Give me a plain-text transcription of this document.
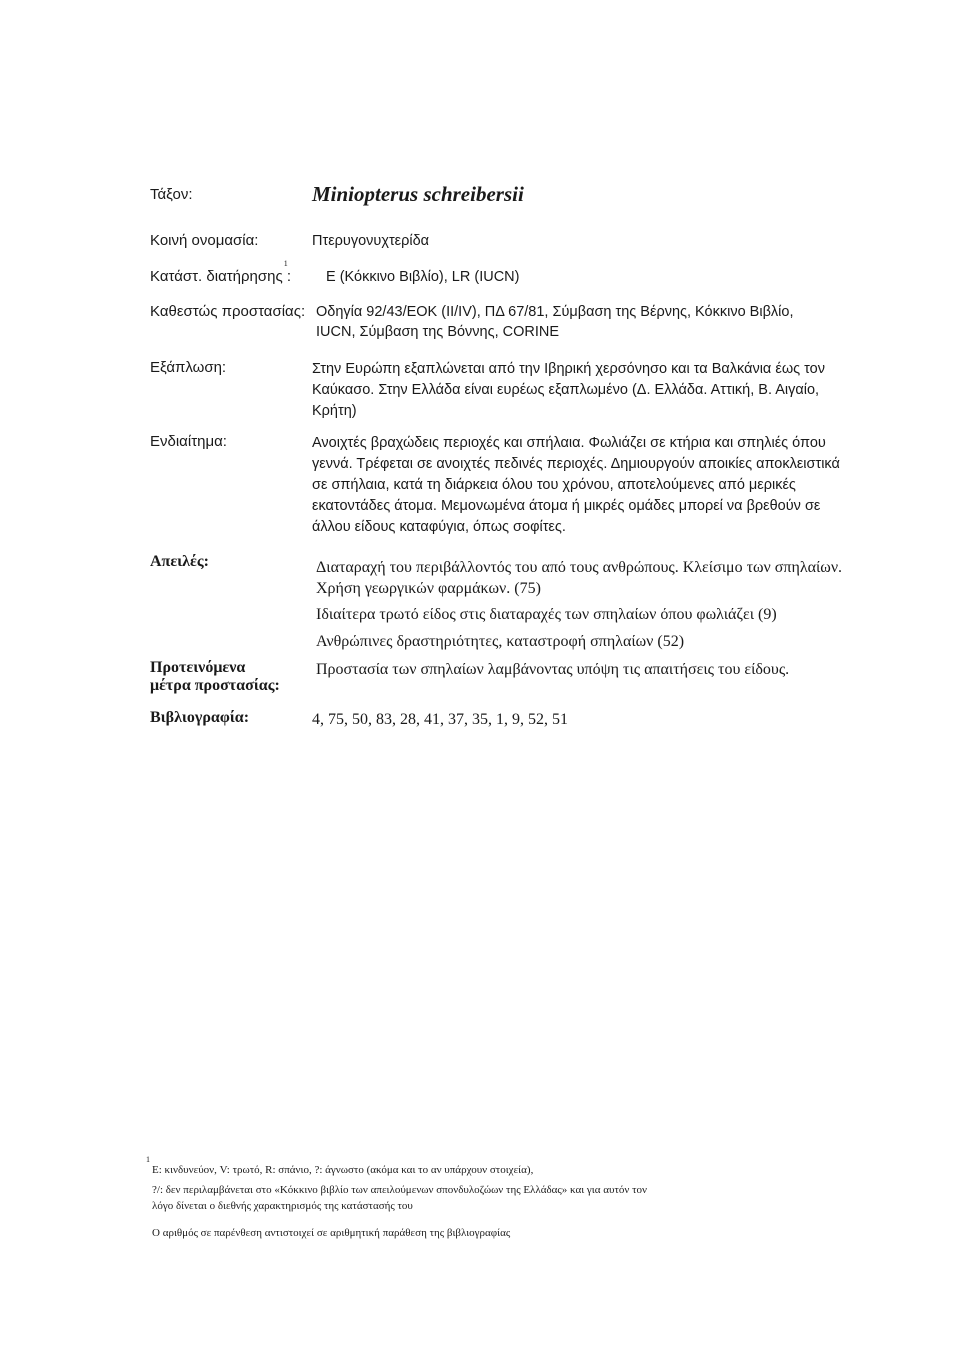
Τάξον:	Miniopterus schreibersii
Κοινή ονομασία:	Πτερυγονυχτερίδα
Κατάστ. διατήρησης
1
: Ε (Κόκκινο Βιβλίο), LR (IUCN)
Καθεστώς προστασίας: Οδηγία 92/43/ΕΟΚ (ΙΙ/ΙV), ΠΔ 67/81, Σύμβαση της Βέρνης, Κόκκινο Βιβλίο,
IUCN, Σύμβαση της Βόννης, CORINE
Εξάπλωση:	Στην Ευρώπη εξαπλώνεται από την Ιβηρική χερσόνησο και τα Βαλκάνια έως τον
Καύκασο. Στην Ελλάδα είναι ευρέως εξαπλωμένο (Δ. Ελλάδα. Αττική, Β. Αιγαίο,
Κρήτη)
Ενδιαίτημα:	Ανοιχτές βραχώδεις περιοχές και σπήλαια. Φωλιάζει σε κτήρια και σπηλιές όπου
γεννά. Τρέφεται σε ανοιχτές πεδινές περιοχές. Δημιουργούν αποικίες αποκλειστικά
σε σπήλαια, κατά τη διάρκεια όλου του χρόνου, αποτελούμενες από μερικές
εκατοντάδες άτομα. Μεμονωμένα άτομα ή μικρές ομάδες μπορεί να βρεθούν σε
άλλου είδους καταφύγια, όπως σοφίτες.
Απειλές:	Διαταραχή του περιβάλλοντός του από τους ανθρώπους. Κλείσιμο των σπηλαίων.
Χρήση γεωργικών φαρμάκων. (75)
Ιδιαίτερα τρωτό είδος στις διαταραχές των σπηλαίων όπου φωλιάζει (9)
Ανθρώπινες δραστηριότητες, καταστροφή σπηλαίων (52)
Προτεινόμενα
μέτρα προστασίας:
Προστασία των σπηλαίων λαμβάνοντας υπόψη τις απαιτήσεις του είδους.
Βιβλιογραφία:	4, 75, 50, 83, 28, 41, 37, 35, 1, 9, 52, 51
1
Ε: κινδυνεύον, V: τρωτό, R: σπάνιο, ?: άγνωστο (ακόμα και το αν υπάρχουν στοιχεία),
?/: δεν περιλαμβάνεται στο «Κόκκινο βιβλίο των απειλούμενων σπονδυλοζώων της Ελλάδας» και για αυτόν τον
λόγο δίνεται ο διεθνής χαρακτηρισμός της κατάστασής του
Ο αριθμός σε παρένθεση αντιστοιχεί σε αριθμητική παράθεση της βιβλιογραφίας
